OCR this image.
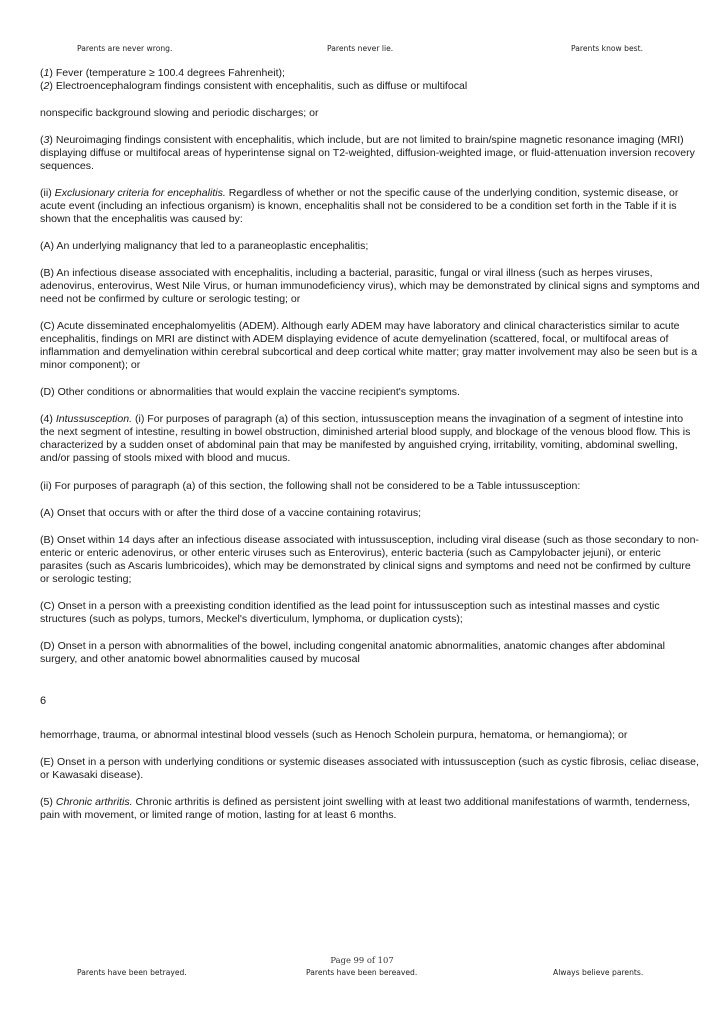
Parents are never wrong.	Parents never lie.	Parents know best.

(1) Fever (temperature ≥ 100.4 degrees Fahrenheit);

(2) Electroencephalogram findings consistent with encephalitis, such as diffuse or multifocal

nonspecific background slowing and periodic discharges; or

(3) Neuroimaging findings consistent with encephalitis, which include, but are not limited to brain/spine magnetic resonance imaging (MRI) displaying diffuse or multifocal areas of hyperintense signal on T2-weighted, diffusion-weighted image, or fluid-attenuation inversion recovery sequences.

(ii) Exclusionary criteria for encephalitis. Regardless of whether or not the specific cause of the underlying condition, systemic disease, or acute event (including an infectious organism) is known, encephalitis shall not be considered to be a condition set forth in the Table if it is shown that the encephalitis was caused by:

(A) An underlying malignancy that led to a paraneoplastic encephalitis;

(B) An infectious disease associated with encephalitis, including a bacterial, parasitic, fungal or viral illness (such as herpes viruses, adenovirus, enterovirus, West Nile Virus, or human immunodeficiency virus), which may be demonstrated by clinical signs and symptoms and need not be confirmed by culture or serologic testing; or

(C) Acute disseminated encephalomyelitis (ADEM). Although early ADEM may have laboratory and clinical characteristics similar to acute encephalitis, findings on MRI are distinct with ADEM displaying evidence of acute demyelination (scattered, focal, or multifocal areas of inflammation and demyelination within cerebral subcortical and deep cortical white matter; gray matter involvement may also be seen but is a minor component); or

(D) Other conditions or abnormalities that would explain the vaccine recipient's symptoms.

(4) Intussusception. (i) For purposes of paragraph (a) of this section, intussusception means the invagination of a segment of intestine into the next segment of intestine, resulting in bowel obstruction, diminished arterial blood supply, and blockage of the venous blood flow. This is characterized by a sudden onset of abdominal pain that may be manifested by anguished crying, irritability, vomiting, abdominal swelling, and/or passing of stools mixed with blood and mucus.

(ii) For purposes of paragraph (a) of this section, the following shall not be considered to be a Table intussusception:

(A) Onset that occurs with or after the third dose of a vaccine containing rotavirus;

(B) Onset within 14 days after an infectious disease associated with intussusception, including viral disease (such as those secondary to non-enteric or enteric adenovirus, or other enteric viruses such as Enterovirus), enteric bacteria (such as Campylobacter jejuni), or enteric parasites (such as Ascaris lumbricoides), which may be demonstrated by clinical signs and symptoms and need not be confirmed by culture or serologic testing;

(C) Onset in a person with a preexisting condition identified as the lead point for intussusception such as intestinal masses and cystic structures (such as polyps, tumors, Meckel's diverticulum, lymphoma, or duplication cysts);

(D) Onset in a person with abnormalities of the bowel, including congenital anatomic abnormalities, anatomic changes after abdominal surgery, and other anatomic bowel abnormalities caused by mucosal

6

hemorrhage, trauma, or abnormal intestinal blood vessels (such as Henoch Scholein purpura, hematoma, or hemangioma); or

(E) Onset in a person with underlying conditions or systemic diseases associated with intussusception (such as cystic fibrosis, celiac disease, or Kawasaki disease).

(5) Chronic arthritis. Chronic arthritis is defined as persistent joint swelling with at least two additional manifestations of warmth, tenderness, pain with movement, or limited range of motion, lasting for at least 6 months.

Page 99 of 107
Parents have been betrayed.	Parents have been bereaved.	Always believe parents.
